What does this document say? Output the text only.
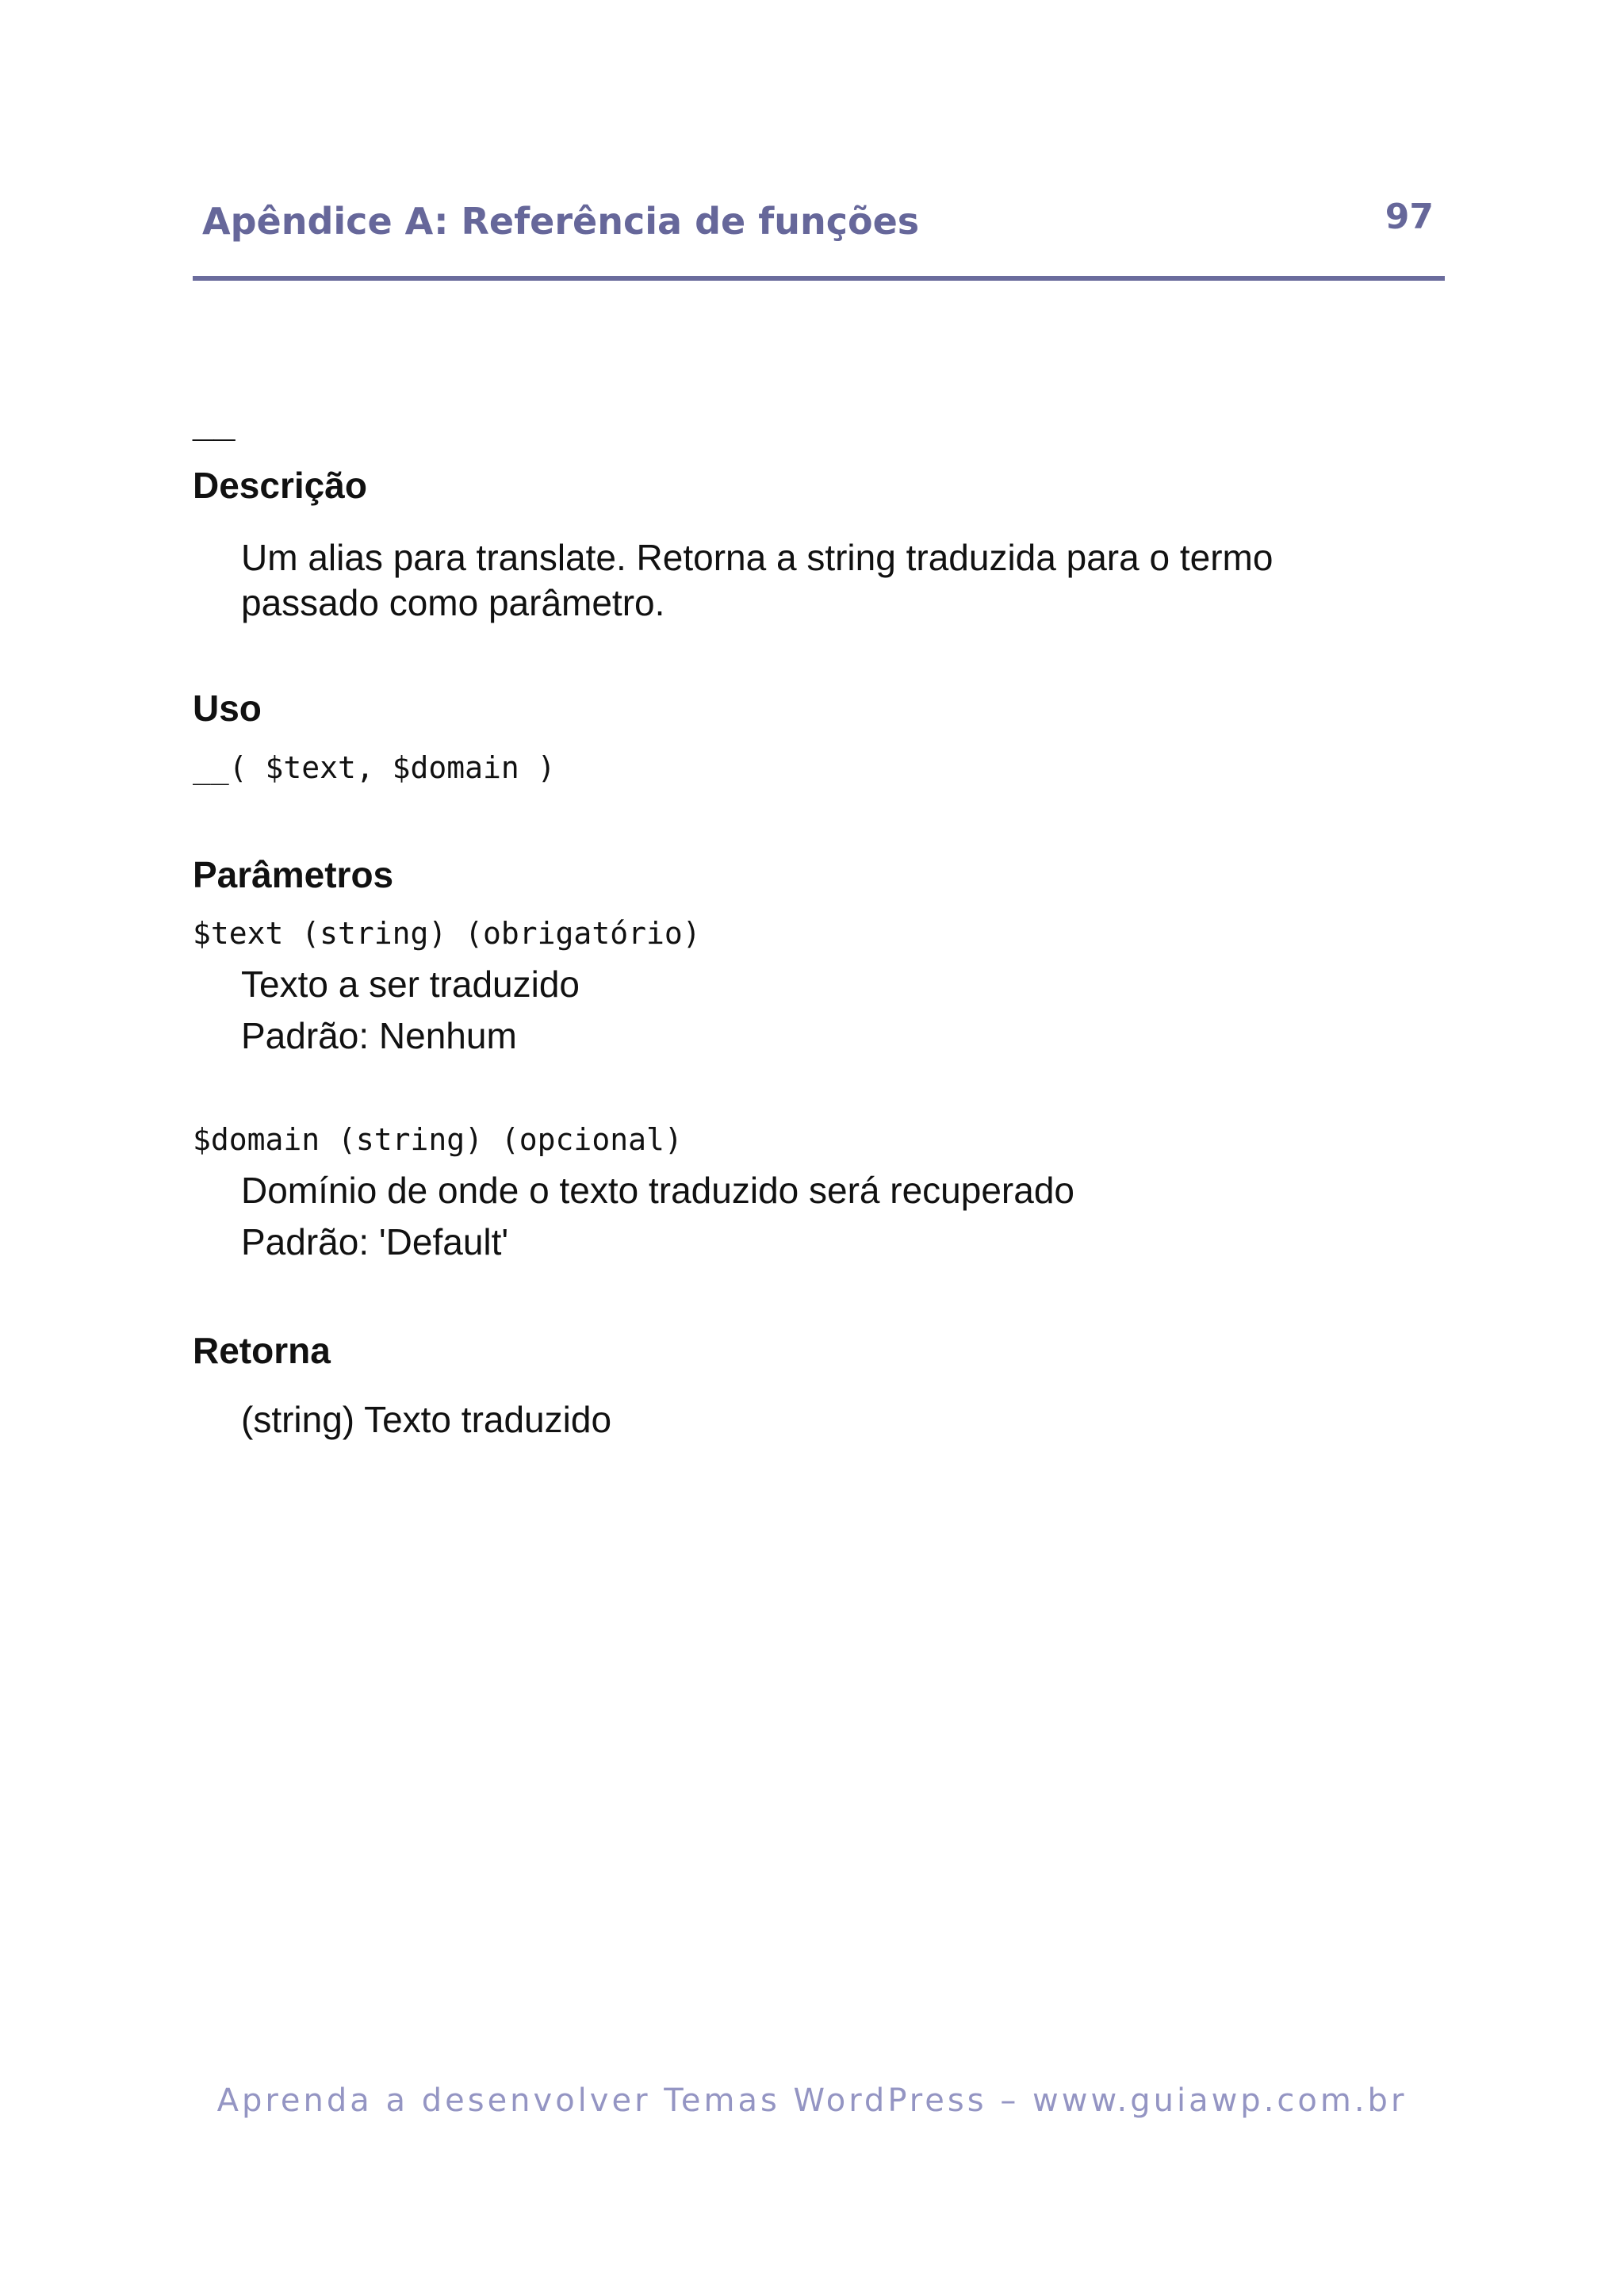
Apêndice A: Referência de funções	97
__
Descrição
Um alias para translate. Retorna a string traduzida para o termo passado como parâmetro.
Uso
__( $text, $domain )
Parâmetros
$text (string) (obrigatório)
Texto a ser traduzido
Padrão: Nenhum
$domain (string) (opcional)
Domínio de onde o texto traduzido será recuperado
Padrão: 'Default'
Retorna
(string) Texto traduzido
Aprenda a desenvolver Temas WordPress – www.guiawp.com.br
